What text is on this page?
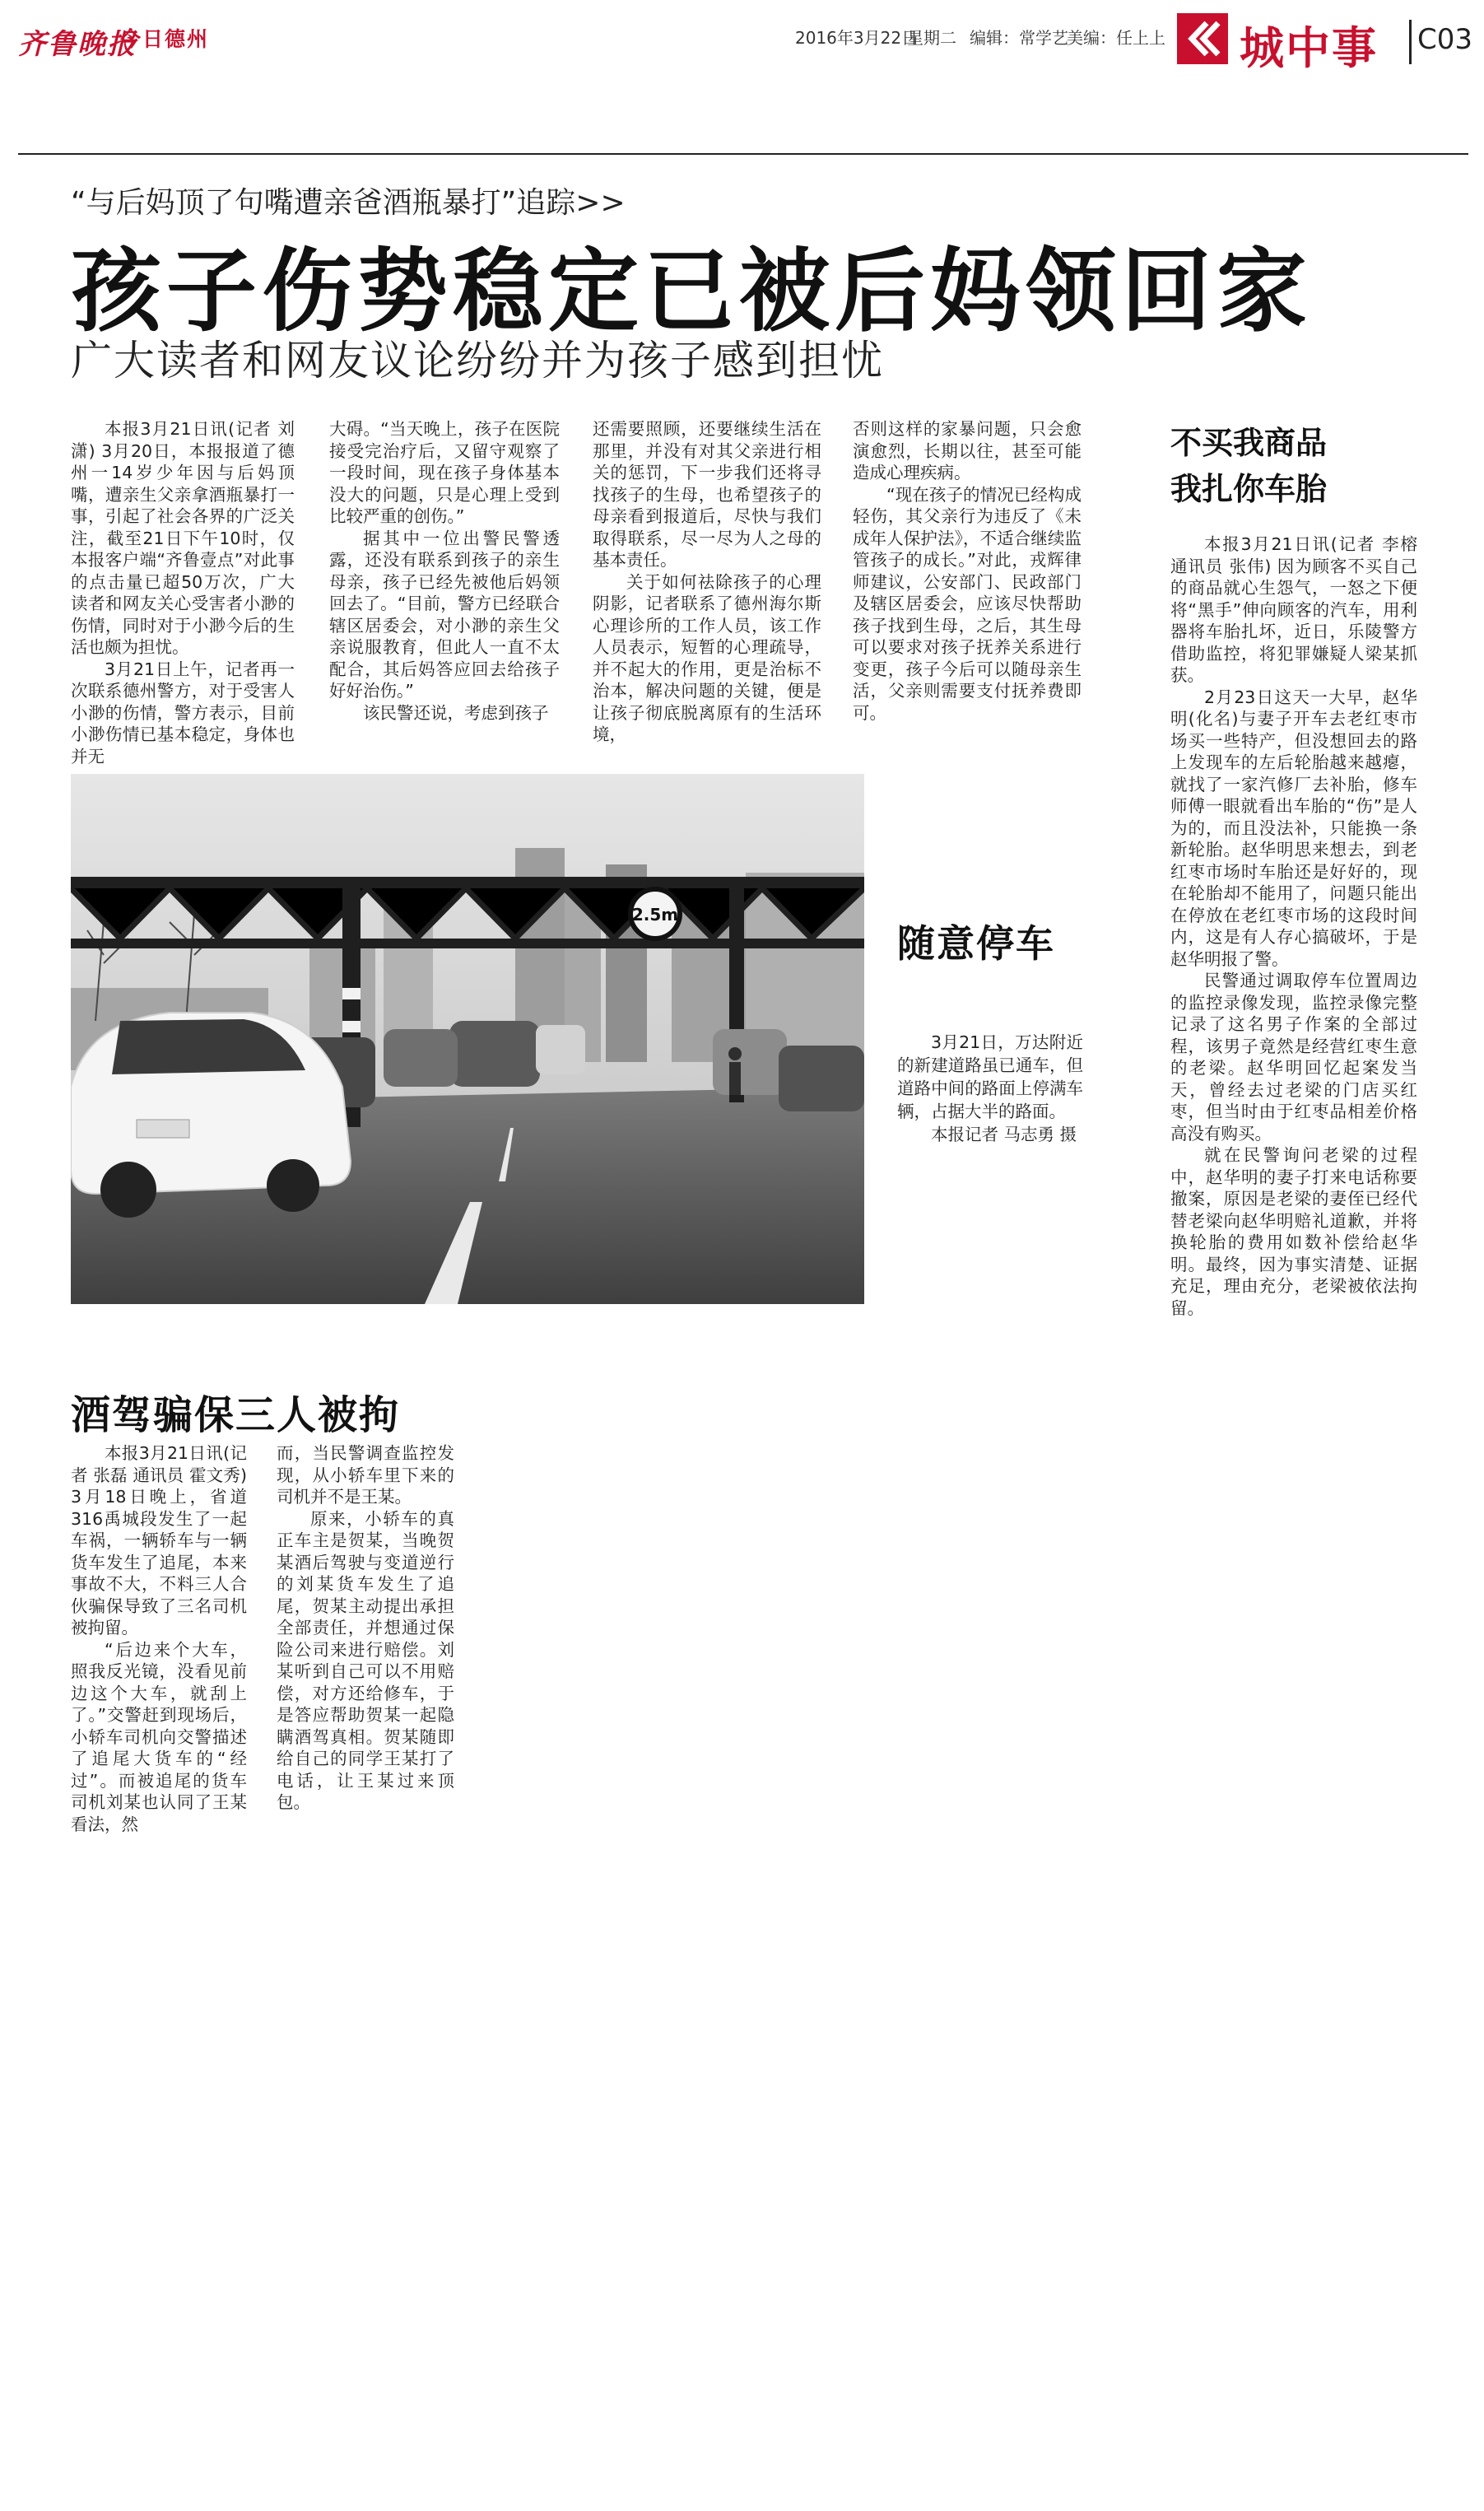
齐鲁晚报
今日德州	2016年3月22日
星期二 编辑：常学艺
美编：任上上 城中事 C03
“与后妈顶了句嘴遭亲爸酒瓶暴打”追踪>>
孩子伤势稳定已被后妈领回家
广大读者和网友议论纷纷并为孩子感到担忧

本报3月21日讯(记者 刘潇) 3月20日，本报报道了德州一14岁少年因与后妈顶嘴，遭亲生父亲拿酒瓶暴打一事，引起了社会各界的广泛关注，截至21日下午10时，仅本报客户端“齐鲁壹点”对此事的点击量已超50万次，广大读者和网友关心受害者小渺的伤情，同时对于小渺今后的生活也颇为担忧。

3月21日上午，记者再一次联系德州警方，对于受害人小渺的伤情，警方表示，目前小渺伤情已基本稳定，身体也并无

大碍。“当天晚上，孩子在医院接受完治疗后，又留守观察了一段时间，现在孩子身体基本没大的问题，只是心理上受到比较严重的创伤。”

据其中一位出警民警透露，还没有联系到孩子的亲生母亲，孩子已经先被他后妈领回去了。“目前，警方已经联合辖区居委会，对小渺的亲生父亲说服教育，但此人一直不太配合，其后妈答应回去给孩子好好治伤。”

该民警还说，考虑到孩子

还需要照顾，还要继续生活在那里，并没有对其父亲进行相关的惩罚，下一步我们还将寻找孩子的生母，也希望孩子的母亲看到报道后，尽快与我们取得联系，尽一尽为人之母的基本责任。

关于如何祛除孩子的心理阴影，记者联系了德州海尔斯心理诊所的工作人员，该工作人员表示，短暂的心理疏导，并不起大的作用，更是治标不治本，解决问题的关键，便是让孩子彻底脱离原有的生活环境，

否则这样的家暴问题，只会愈演愈烈，长期以往，甚至可能造成心理疾病。

“现在孩子的情况已经构成轻伤，其父亲行为违反了《未成年人保护法》，不适合继续监管孩子的成长。”对此，戎辉律师建议，公安部门、民政部门及辖区居委会，应该尽快帮助孩子找到生母，之后，其生母可以要求对孩子抚养关系进行变更，孩子今后可以随母亲生活，父亲则需要支付抚养费即可。

不买我商品
我扎你车胎

本报3月21日讯(记者 李榕 通讯员 张伟) 因为顾客不买自己的商品就心生怨气，一怒之下便将“黑手”伸向顾客的汽车，用利器将车胎扎坏，近日，乐陵警方借助监控，将犯罪嫌疑人梁某抓获。

2月23日这天一大早，赵华明(化名)与妻子开车去老红枣市场买一些特产，但没想回去的路上发现车的左后轮胎越来越瘪，就找了一家汽修厂去补胎，修车师傅一眼就看出车胎的“伤”是人为的，而且没法补，只能换一条新轮胎。赵华明思来想去，到老红枣市场时车胎还是好好的，现在轮胎却不能用了，问题只能出在停放在老红枣市场的这段时间内，这是有人存心搞破坏，于是赵华明报了警。

民警通过调取停车位置周边的监控录像发现，监控录像完整记录了这名男子作案的全部过程，该男子竟然是经营红枣生意的老梁。赵华明回忆起案发当天，曾经去过老梁的门店买红枣，但当时由于红枣品相差价格高没有购买。

就在民警询问老梁的过程中，赵华明的妻子打来电话称要撤案，原因是老梁的妻侄已经代替老梁向赵华明赔礼道歉，并将换轮胎的费用如数补偿给赵华明。最终，因为事实清楚、证据充足，理由充分，老梁被依法拘留。

2.5m
随意停车

3月21日，万达附近的新建道路虽已通车，但道路中间的路面上停满车辆，占据大半的路面。

本报记者 马志勇 摄

酒驾骗保三人被拘

本报3月21日讯(记者 张磊 通讯员 霍文秀) 3月18日晚上，省道316禹城段发生了一起车祸，一辆轿车与一辆货车发生了追尾，本来事故不大，不料三人合伙骗保导致了三名司机被拘留。

“后边来个大车，照我反光镜，没看见前边这个大车，就刮上了。”交警赶到现场后，小轿车司机向交警描述了追尾大货车的“经过”。而被追尾的货车司机刘某也认同了王某看法，然

而，当民警调查监控发现，从小轿车里下来的司机并不是王某。

原来，小轿车的真正车主是贺某，当晚贺某酒后驾驶与变道逆行的刘某货车发生了追尾，贺某主动提出承担全部责任，并想通过保险公司来进行赔偿。刘某听到自己可以不用赔偿，对方还给修车，于是答应帮助贺某一起隐瞒酒驾真相。贺某随即给自己的同学王某打了电话，让王某过来顶包。
